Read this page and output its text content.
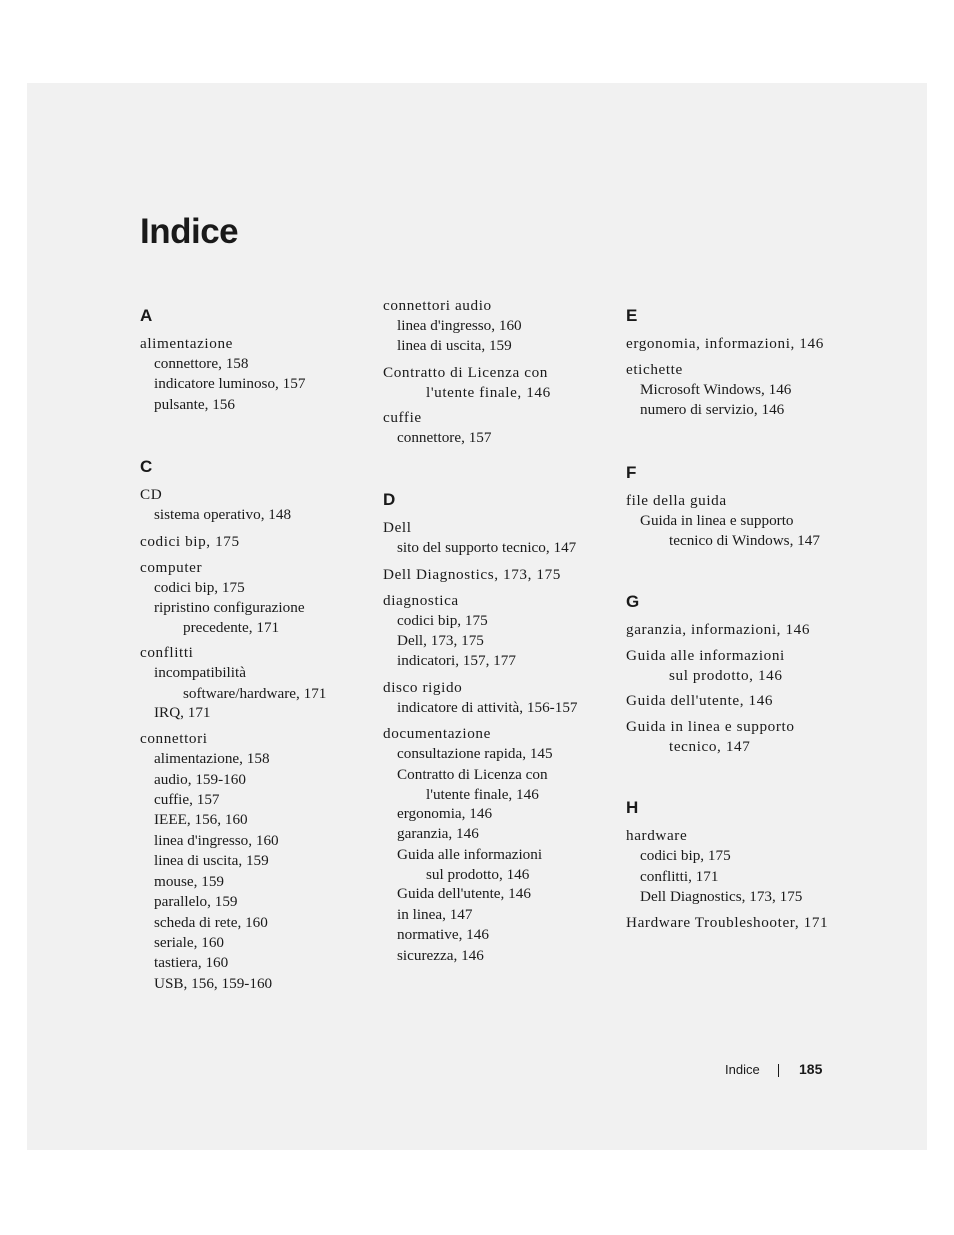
Indice
A
alimentazione
connettore, 158
indicatore luminoso, 157
pulsante, 156
C
CD
sistema operativo, 148
codici bip, 175
computer
codici bip, 175
ripristino configurazione
precedente, 171
conflitti
incompatibilità
software/hardware, 171
IRQ, 171
connettori
alimentazione, 158
audio, 159-160
cuffie, 157
IEEE, 156, 160
linea d'ingresso, 160
linea di uscita, 159
mouse, 159
parallelo, 159
scheda di rete, 160
seriale, 160
tastiera, 160
USB, 156, 159-160
connettori audio
linea d'ingresso, 160
linea di uscita, 159
Contratto di Licenza con
l'utente finale, 146
cuffie
connettore, 157
D
Dell
sito del supporto tecnico, 147
Dell Diagnostics, 173, 175
diagnostica
codici bip, 175
Dell, 173, 175
indicatori, 157, 177
disco rigido
indicatore di attività, 156-157
documentazione
consultazione rapida, 145
Contratto di Licenza con
l'utente finale, 146
ergonomia, 146
garanzia, 146
Guida alle informazioni
sul prodotto, 146
Guida dell'utente, 146
in linea, 147
normative, 146
sicurezza, 146
E
ergonomia, informazioni, 146
etichette
Microsoft Windows, 146
numero di servizio, 146
F
file della guida
Guida in linea e supporto
tecnico di Windows, 147
G
garanzia, informazioni, 146
Guida alle informazioni
sul prodotto, 146
Guida dell'utente, 146
Guida in linea e supporto
tecnico, 147
H
hardware
codici bip, 175
conflitti, 171
Dell Diagnostics, 173, 175
Hardware Troubleshooter, 171
Indice	185
